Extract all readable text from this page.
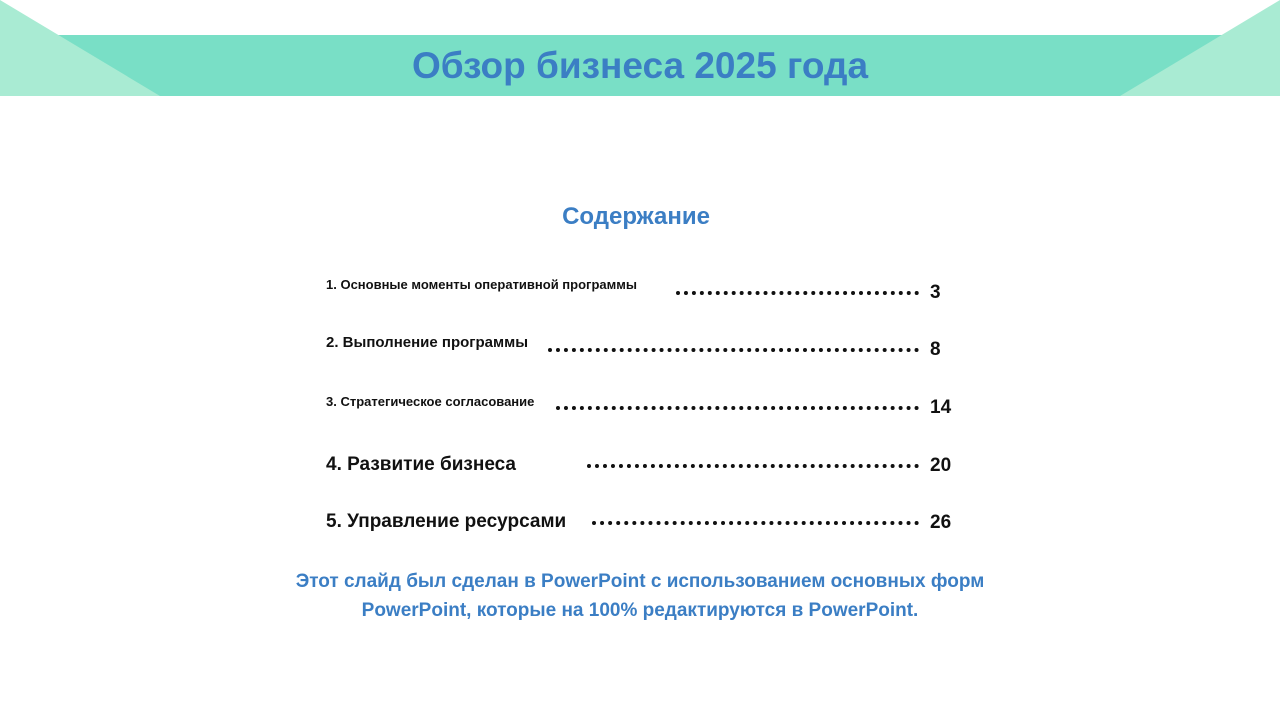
Обзор бизнеса 2025 года
Содержание
1. Основные моменты оперативной программы	3
2. Выполнение программы	8
3. Стратегическое согласование	14
4. Развитие бизнеса	20
5. Управление ресурсами	26
Этот слайд был сделан в PowerPoint с использованием основных форм
PowerPoint, которые на 100% редактируются в PowerPoint.
